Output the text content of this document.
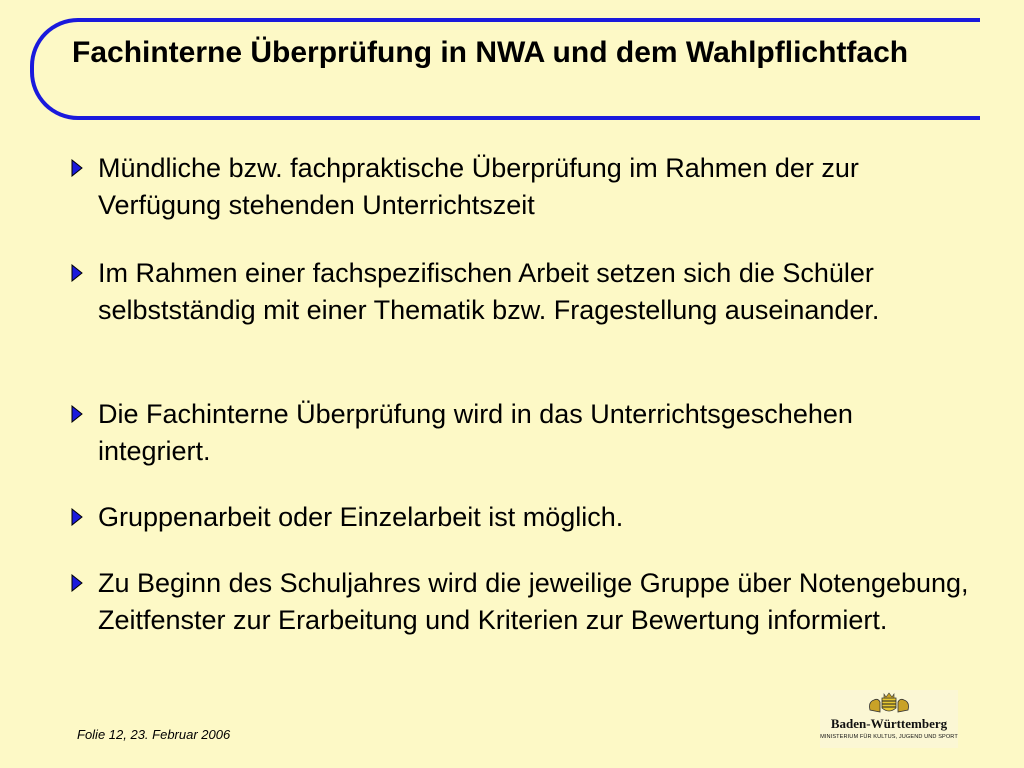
Fachinterne Überprüfung in NWA und dem Wahlpflichtfach
Mündliche bzw. fachpraktische Überprüfung im Rahmen der zur Verfügung stehenden Unterrichtszeit
Im Rahmen einer fachspezifischen Arbeit setzen sich die Schüler selbstständig mit einer Thematik bzw. Fragestellung auseinander.
Die Fachinterne Überprüfung wird in das Unterrichtsgeschehen integriert.
Gruppenarbeit oder Einzelarbeit ist möglich.
Zu Beginn des Schuljahres wird die jeweilige Gruppe über Notengebung, Zeitfenster zur Erarbeitung und Kriterien zur Bewertung informiert.
Folie 12, 23. Februar 2006
Baden-Württemberg
MINISTERIUM FÜR KULTUS, JUGEND UND SPORT
